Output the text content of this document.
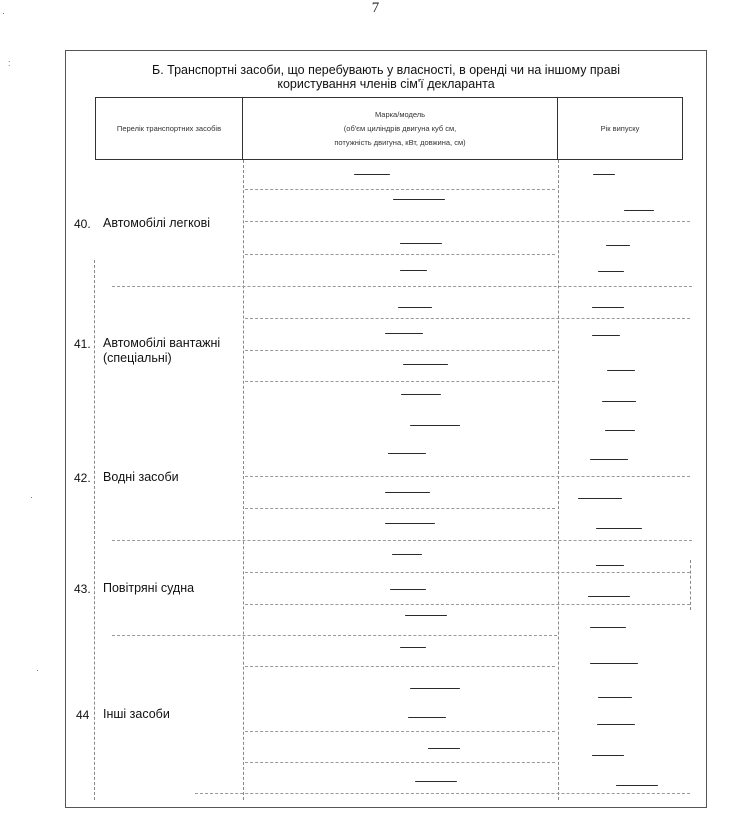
7
·
:
·
·
Б. Транспортні засоби, що перебувають у власності, в оренді чи на іншому праві
користування членів сім'ї декларанта
Перелік транспортних засобів
Марка/модель
(об'єм циліндрів двигуна куб см,
потужність двигуна, кВт, довжина, см)
Рік випуску
40. Автомобілі легкові
41. Автомобілі вантажні (спеціальні)
42. Водні засоби
43. Повітряні судна
44 Інші засоби
